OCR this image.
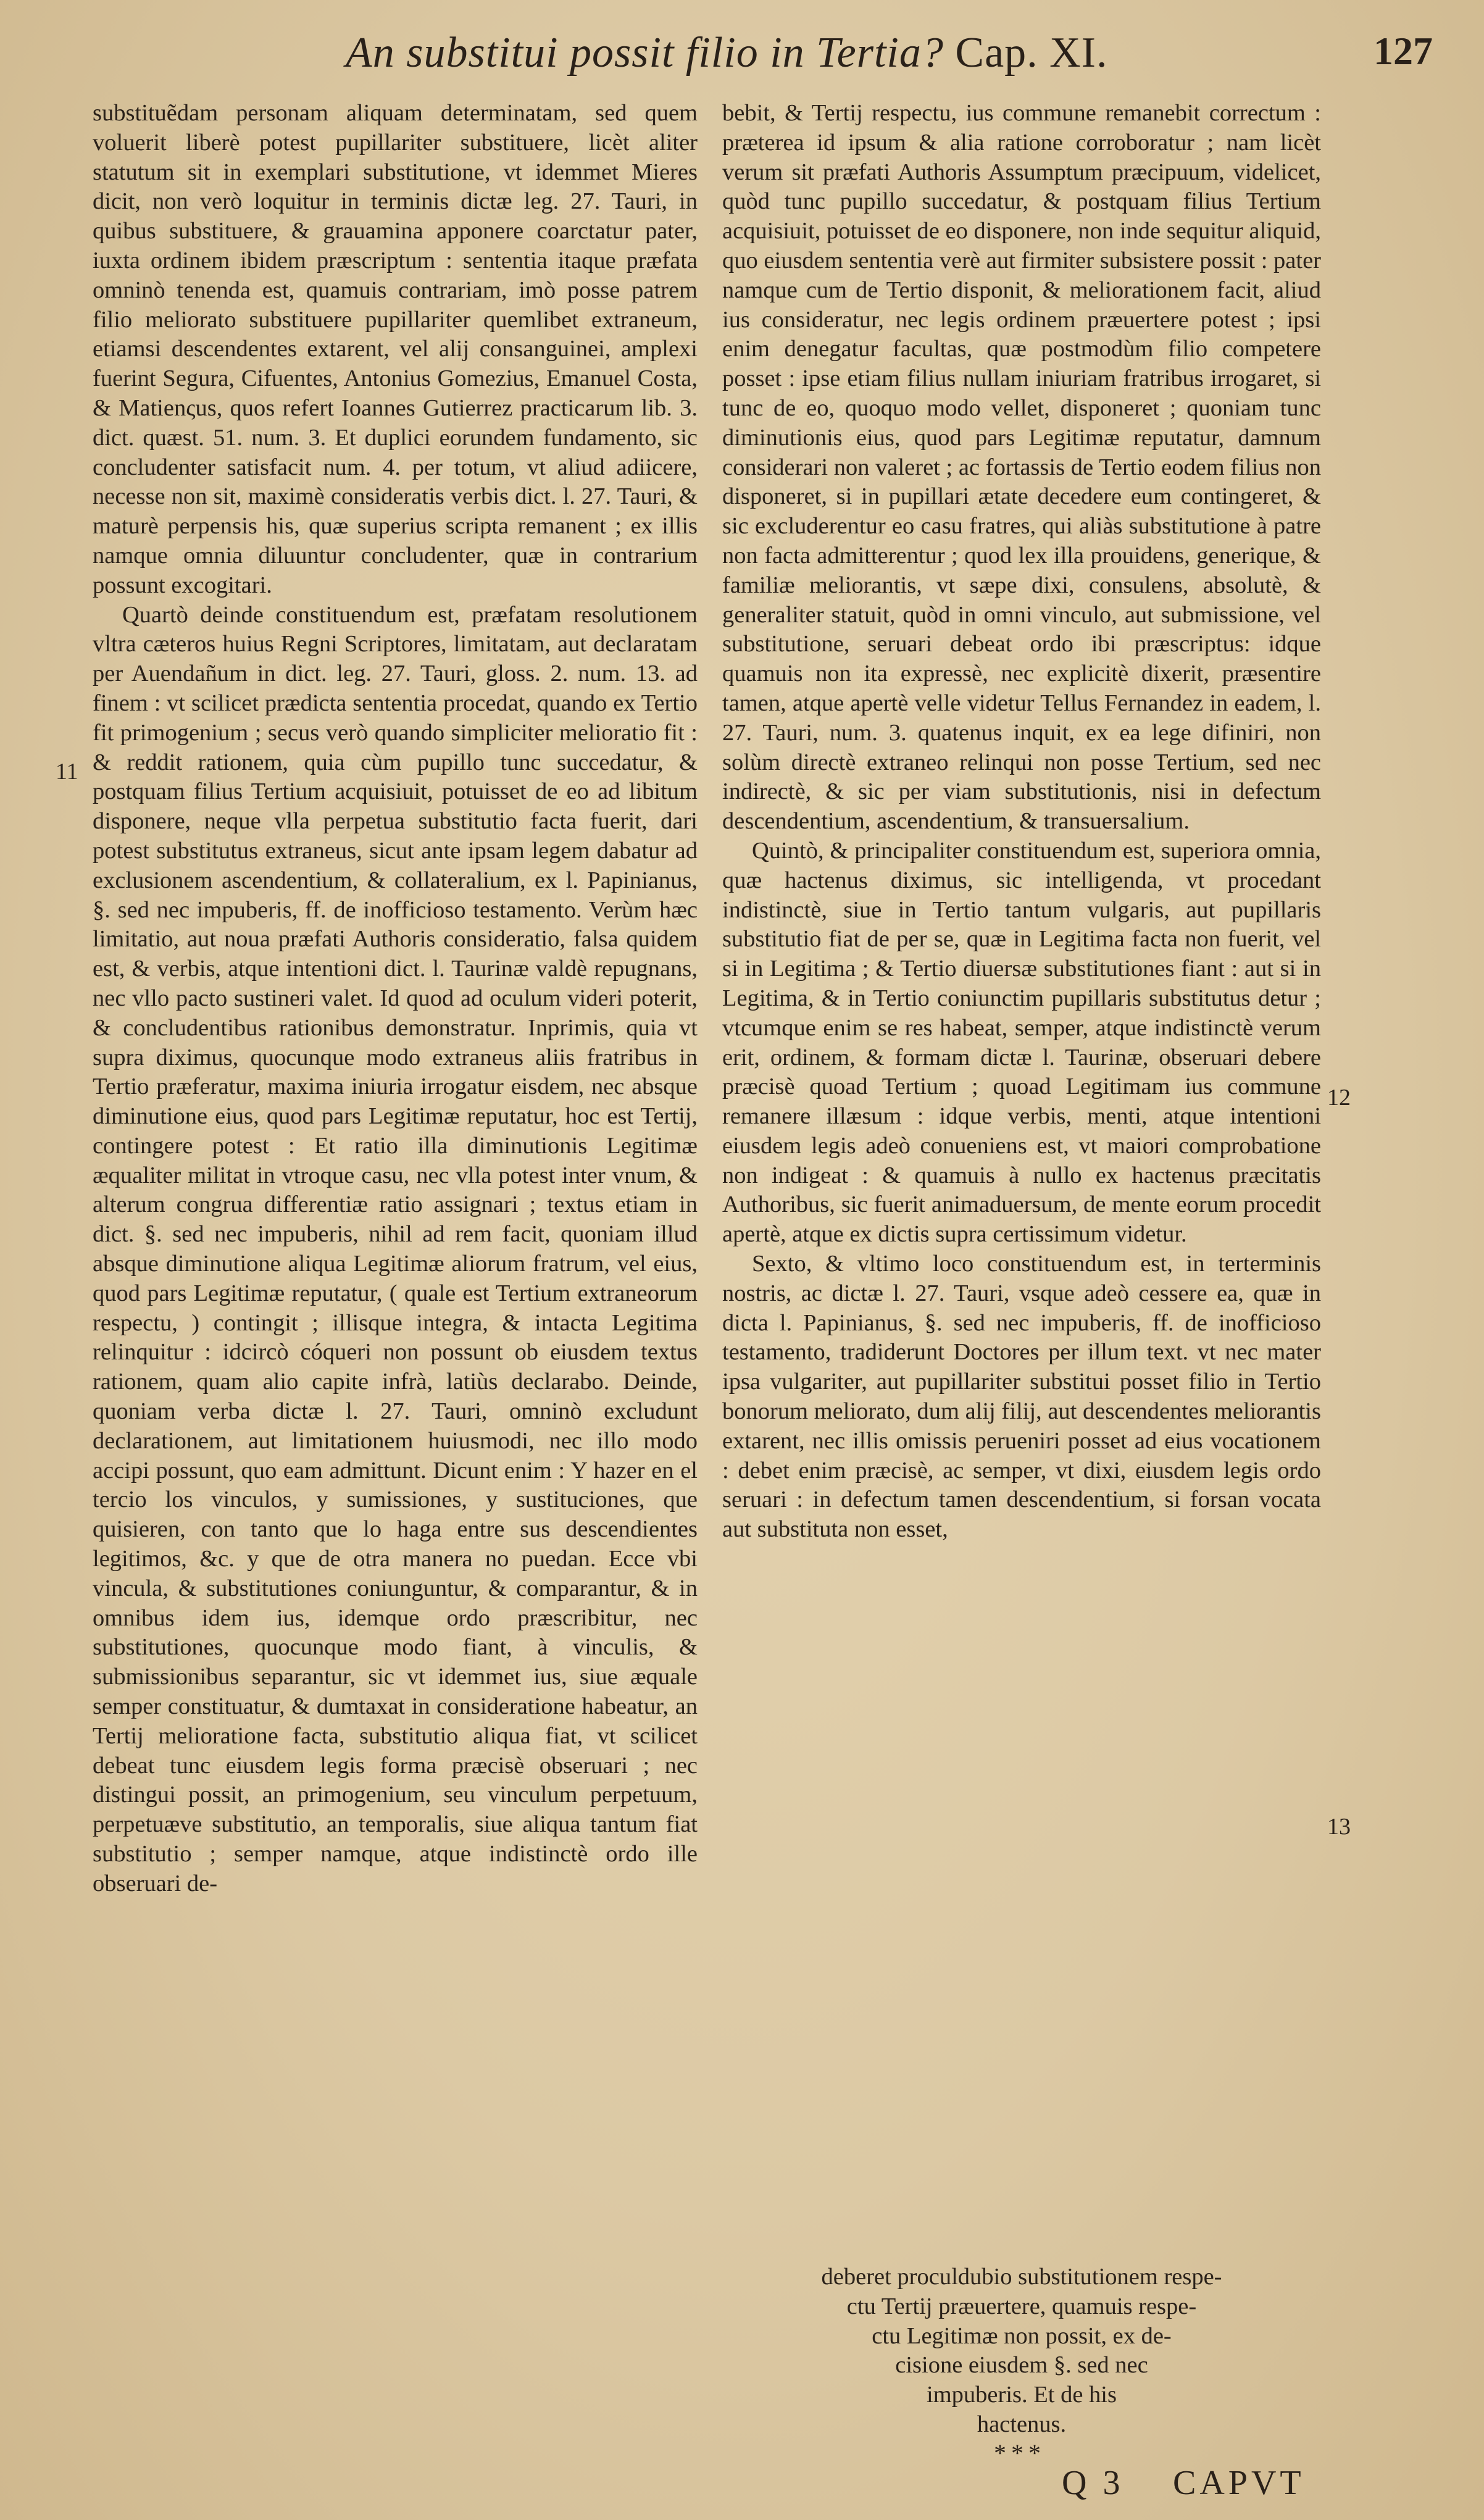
An substitui possit filio in Tertia? Cap. XI.	127

substituẽdam personam aliquam determinatam, sed quem voluerit liberè potest pupillariter substituere, licèt aliter statutum sit in exemplari substitutione, vt idemmet Mieres dicit, non verò loquitur in terminis dictæ leg. 27. Tauri, in quibus substituere, & grauamina apponere coarctatur pater, iuxta ordinem ibidem præscriptum : sententia itaque præfata omninò tenenda est, quamuis contrariam, imò posse patrem filio meliorato substituere pupillariter quemlibet extraneum, etiamsi descendentes extarent, vel alij consanguinei, amplexi fuerint Segura, Cifuentes, Antonius Gomezius, Emanuel Costa, & Matienςus, quos refert Ioannes Gutierrez practicarum lib. 3. dict. quæst. 51. num. 3. Et duplici eorundem fundamento, sic concludenter satisfacit num. 4. per totum, vt aliud adiicere, necesse non sit, maximè consideratis verbis dict. l. 27. Tauri, & maturè perpensis his, quæ superius scripta remanent ; ex illis namque omnia diluuntur concludenter, quæ in contrarium possunt excogitari.

Quartò deinde constituendum est, præfatam resolutionem vltra cæteros huius Regni Scriptores, limitatam, aut declaratam per Auendañum in dict. leg. 27. Tauri, gloss. 2. num. 13. ad finem : vt scilicet prædicta sententia procedat, quando ex Tertio fit primogenium ; secus verò quando simpliciter melioratio fit : & reddit rationem, quia cùm pupillo tunc succedatur, & postquam filius Tertium acquisiuit, potuisset de eo ad libitum disponere, neque vlla perpetua substitutio facta fuerit, dari potest substitutus extraneus, sicut ante ipsam legem dabatur ad exclusionem ascendentium, & collateralium, ex l. Papinianus, §. sed nec impuberis, ff. de inofficioso testamento. Verùm hæc limitatio, aut noua præfati Authoris consideratio, falsa quidem est, & verbis, atque intentioni dict. l. Taurinæ valdè repugnans, nec vllo pacto sustineri valet. Id quod ad oculum videri poterit, & concludentibus rationibus demonstratur. Inprimis, quia vt supra diximus, quocunque modo extraneus aliis fratribus in Tertio præferatur, maxima iniuria irrogatur eisdem, nec absque diminutione eius, quod pars Legitimæ reputatur, hoc est Tertij, contingere potest : Et ratio illa diminutionis Legitimæ æqualiter militat in vtroque casu, nec vlla potest inter vnum, & alterum congrua differentiæ ratio assignari ; textus etiam in dict. §. sed nec impuberis, nihil ad rem facit, quoniam illud absque diminutione aliqua Legitimæ aliorum fratrum, vel eius, quod pars Legitimæ reputatur, ( quale est Tertium extraneorum respectu, ) contingit ; illisque integra, & intacta Legitima relinquitur : idcircò cóqueri non possunt ob eiusdem textus rationem, quam alio capite infrà, latiùs declarabo. Deinde, quoniam verba dictæ l. 27. Tauri, omninò excludunt declarationem, aut limitationem huiusmodi, nec illo modo accipi possunt, quo eam admittunt. Dicunt enim : Y hazer en el tercio los vinculos, y sumissiones, y sustituciones, que quisieren, con tanto que lo haga entre sus descendientes legitimos, &c. y que de otra manera no puedan. Ecce vbi vincula, & substitutiones coniunguntur, & comparantur, & in omnibus idem ius, idemque ordo præscribitur, nec substitutiones, quocunque modo fiant, à vinculis, & submissionibus separantur, sic vt idemmet ius, siue æquale semper constituatur, & dumtaxat in consideratione habeatur, an Tertij melioratione facta, substitutio aliqua fiat, vt scilicet debeat tunc eiusdem legis forma præcisè obseruari ; nec distingui possit, an primogenium, seu vinculum perpetuum, perpetuæve substitutio, an temporalis, siue aliqua tantum fiat substitutio ; semper namque, atque indistinctè ordo ille obseruari de-

11
12
13

bebit, & Tertij respectu, ius commune remanebit correctum : præterea id ipsum & alia ratione corroboratur ; nam licèt verum sit præfati Authoris Assumptum præcipuum, videlicet, quòd tunc pupillo succedatur, & postquam filius Tertium acquisiuit, potuisset de eo disponere, non inde sequitur aliquid, quo eiusdem sententia verè aut firmiter subsistere possit : pater namque cum de Tertio disponit, & meliorationem facit, aliud ius consideratur, nec legis ordinem præuertere potest ; ipsi enim denegatur facultas, quæ postmodùm filio competere posset : ipse etiam filius nullam iniuriam fratribus irrogaret, si tunc de eo, quoquo modo vellet, disponeret ; quoniam tunc diminutionis eius, quod pars Legitimæ reputatur, damnum considerari non valeret ; ac fortassis de Tertio eodem filius non disponeret, si in pupillari ætate decedere eum contingeret, & sic excluderentur eo casu fratres, qui aliàs substitutione à patre non facta admitterentur ; quod lex illa prouidens, generique, & familiæ meliorantis, vt sæpe dixi, consulens, absolutè, & generaliter statuit, quòd in omni vinculo, aut submissione, vel substitutione, seruari debeat ordo ibi præscriptus: idque quamuis non ita expressè, nec explicitè dixerit, præsentire tamen, atque apertè velle videtur Tellus Fernandez in eadem, l. 27. Tauri, num. 3. quatenus inquit, ex ea lege difiniri, non solùm directè extraneo relinqui non posse Tertium, sed nec indirectè, & sic per viam substitutionis, nisi in defectum descendentium, ascendentium, & transuersalium.

Quintò, & principaliter constituendum est, superiora omnia, quæ hactenus diximus, sic intelligenda, vt procedant indistinctè, siue in Tertio tantum vulgaris, aut pupillaris substitutio fiat de per se, quæ in Legitima facta non fuerit, vel si in Legitima ; & Tertio diuersæ substitutiones fiant : aut si in Legitima, & in Tertio coniunctim pupillaris substitutus detur ; vtcumque enim se res habeat, semper, atque indistinctè verum erit, ordinem, & formam dictæ l. Taurinæ, obseruari debere præcisè quoad Tertium ; quoad Legitimam ius commune remanere illæsum : idque verbis, menti, atque intentioni eiusdem legis adeò conueniens est, vt maiori comprobatione non indigeat : & quamuis à nullo ex hactenus præcitatis Authoribus, sic fuerit animaduersum, de mente eorum procedit apertè, atque ex dictis supra certissimum videtur.

Sexto, & vltimo loco constituendum est, in terterminis nostris, ac dictæ l. 27. Tauri, vsque adeò cessere ea, quæ in dicta l. Papinianus, §. sed nec impuberis, ff. de inofficioso testamento, tradiderunt Doctores per illum text. vt nec mater ipsa vulgariter, aut pupillariter substitui posset filio in Tertio bonorum meliorato, dum alij filij, aut descendentes meliorantis extarent, nec illis omissis perueniri posset ad eius vocationem : debet enim præcisè, ac semper, vt dixi, eiusdem legis ordo seruari : in defectum tamen descendentium, si forsan vocata aut substituta non esset,

deberet proculdubio substitutionem respe-
ctu Tertij præuertere, quamuis respe-
ctu Legitimæ non possit, ex de-
cisione eiusdem §. sed nec
impuberis. Et de his
hactenus.
* * *
Q 3 CAPVT
